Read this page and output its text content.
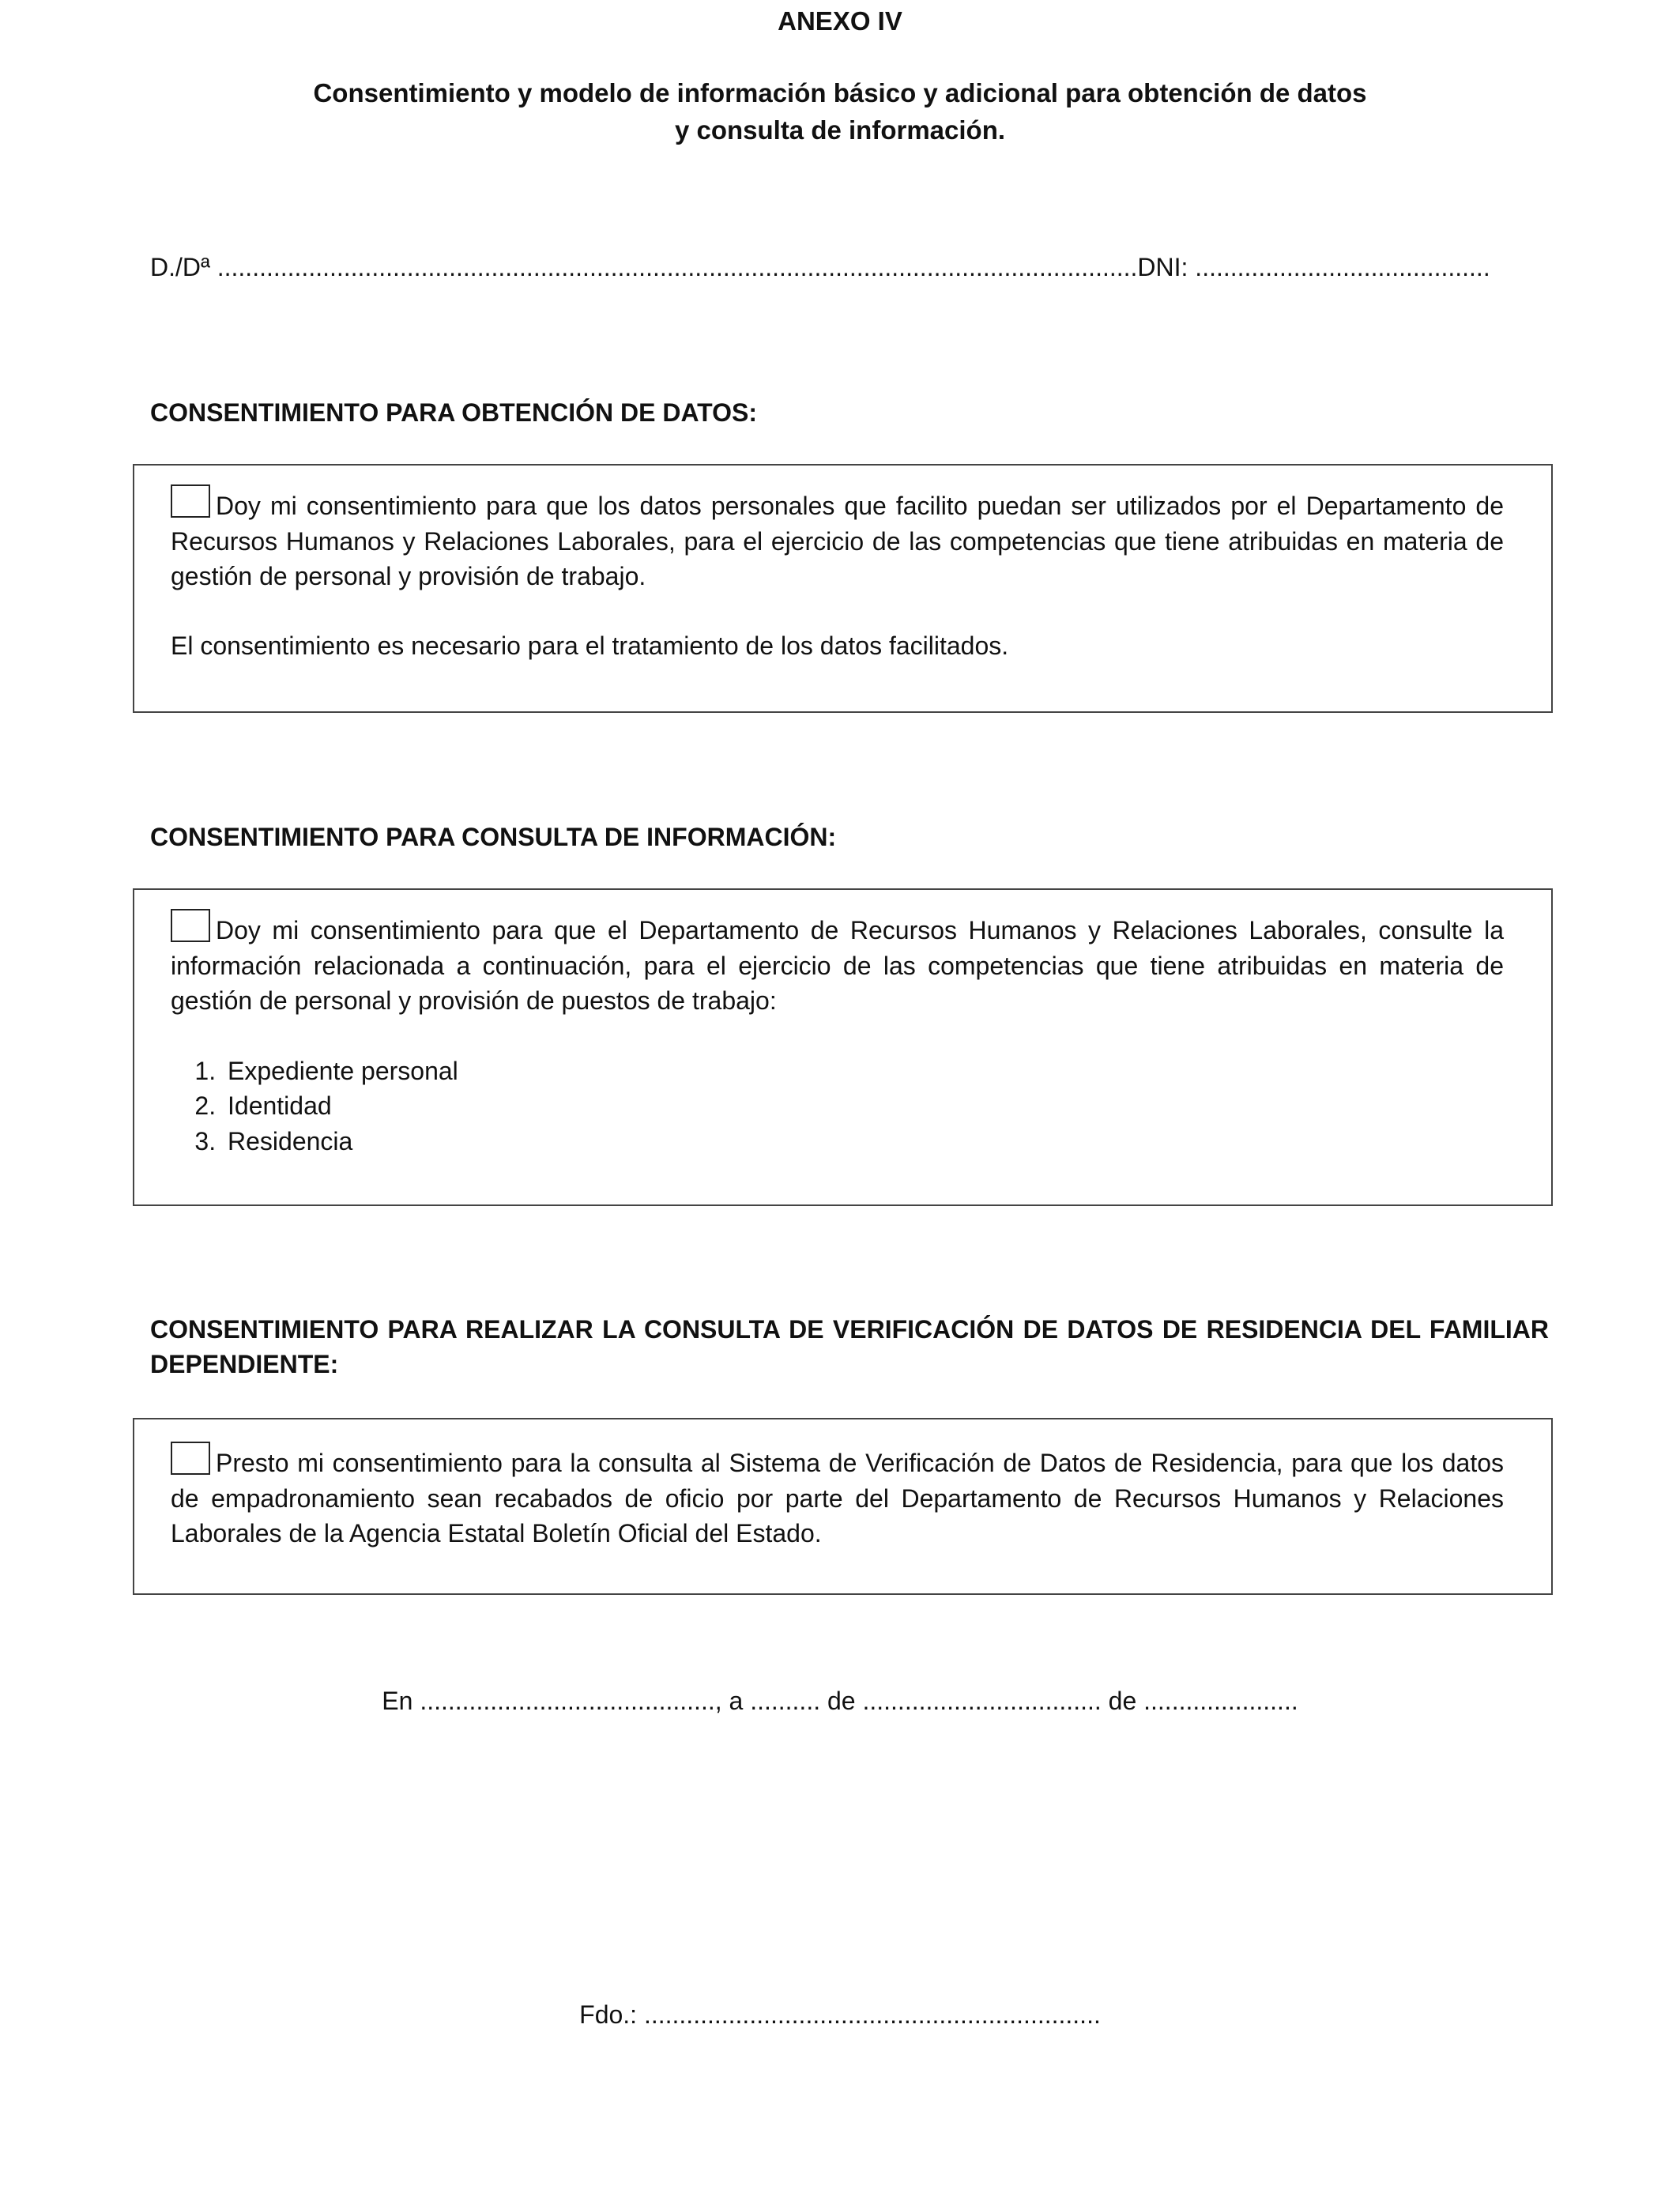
ANEXO IV
Consentimiento y modelo de información básico y adicional para obtención de datos
y consulta de información.
D./Dª ...................................................................................................................................DNI: ..........................................
CONSENTIMIENTO PARA OBTENCIÓN DE DATOS:

Doy mi consentimiento para que los datos personales que facilito puedan ser utilizados por el Departamento de Recursos Humanos y Relaciones Laborales, para el ejercicio de las competencias que tiene atribuidas en materia de gestión de personal y provisión de trabajo.

El consentimiento es necesario para el tratamiento de los datos facilitados.

CONSENTIMIENTO PARA CONSULTA DE INFORMACIÓN:

Doy mi consentimiento para que el Departamento de Recursos Humanos y Relaciones Laborales, consulte la información relacionada a continuación, para el ejercicio de las competencias que tiene atribuidas en materia de gestión de personal y provisión de puestos de trabajo:

1. Expediente personal
2. Identidad
3. Residencia
CONSENTIMIENTO PARA REALIZAR LA CONSULTA DE VERIFICACIÓN DE DATOS DE RESIDENCIA DEL FAMILIAR DEPENDIENTE:

Presto mi consentimiento para la consulta al Sistema de Verificación de Datos de Residencia, para que los datos de empadronamiento sean recabados de oficio por parte del Departamento de Recursos Humanos y Relaciones Laborales de la Agencia Estatal Boletín Oficial del Estado.

En .........................................., a .......... de .................................. de ......................
Fdo.: .................................................................
